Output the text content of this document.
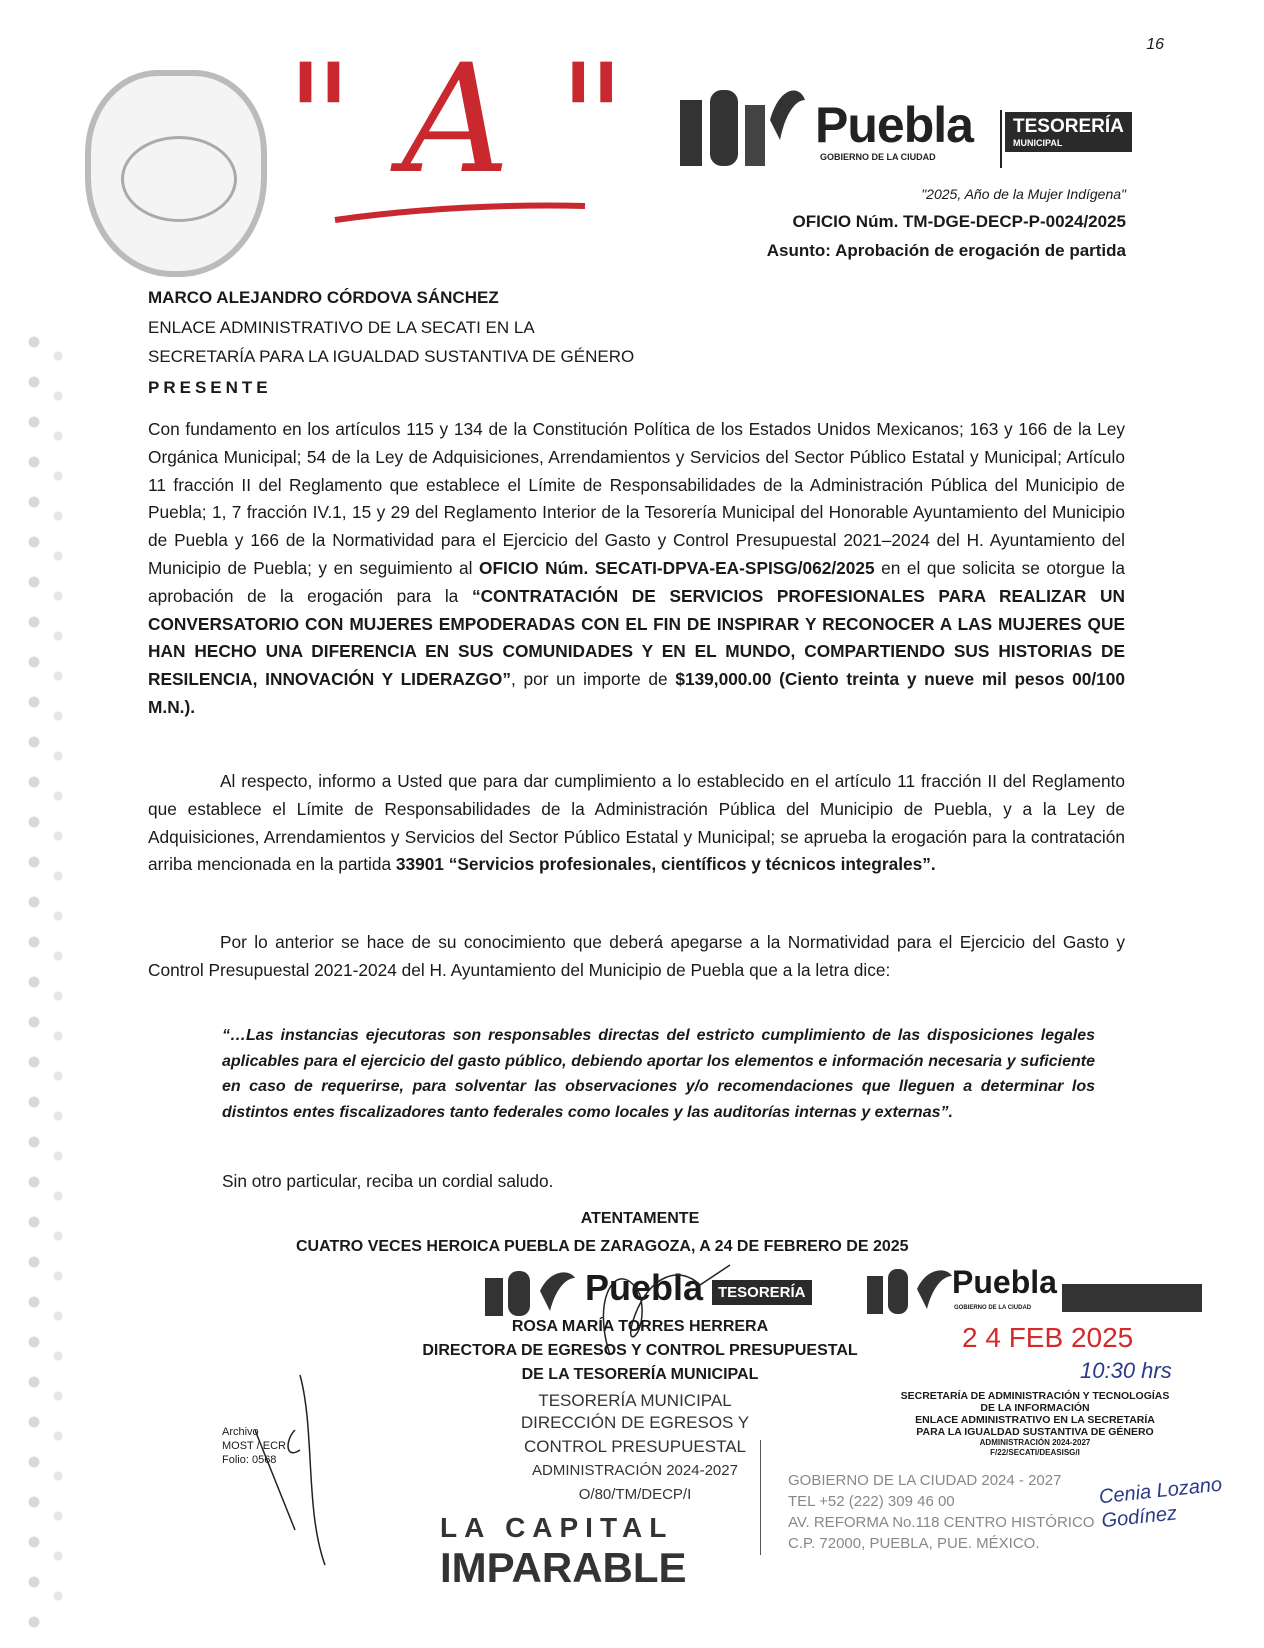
16
" A "	Puebla
GOBIERNO DE LA CIUDAD
TESORERÍA
MUNICIPAL
"2025, Año de la Mujer Indígena"
OFICIO Núm. TM-DGE-DECP-P-0024/2025
Asunto: Aprobación de erogación de partida
MARCO ALEJANDRO CÓRDOVA SÁNCHEZ
ENLACE ADMINISTRATIVO DE LA SECATI EN LA
SECRETARÍA PARA LA IGUALDAD SUSTANTIVA DE GÉNERO
PRESENTE
Con fundamento en los artículos 115 y 134 de la Constitución Política de los Estados Unidos Mexicanos; 163 y 166 de la Ley Orgánica Municipal; 54 de la Ley de Adquisiciones, Arrendamientos y Servicios del Sector Público Estatal y Municipal; Artículo 11 fracción II del Reglamento que establece el Límite de Responsabilidades de la Administración Pública del Municipio de Puebla; 1, 7 fracción IV.1, 15 y 29 del Reglamento Interior de la Tesorería Municipal del Honorable Ayuntamiento del Municipio de Puebla y 166 de la Normatividad para el Ejercicio del Gasto y Control Presupuestal 2021–2024 del H. Ayuntamiento del Municipio de Puebla; y en seguimiento al OFICIO Núm. SECATI-DPVA-EA-SPISG/062/2025 en el que solicita se otorgue la aprobación de la erogación para la “CONTRATACIÓN DE SERVICIOS PROFESIONALES PARA REALIZAR UN CONVERSATORIO CON MUJERES EMPODERADAS CON EL FIN DE INSPIRAR Y RECONOCER A LAS MUJERES QUE HAN HECHO UNA DIFERENCIA EN SUS COMUNIDADES Y EN EL MUNDO, COMPARTIENDO SUS HISTORIAS DE RESILENCIA, INNOVACIÓN Y LIDERAZGO”, por un importe de $139,000.00 (Ciento treinta y nueve mil pesos 00/100 M.N.).
Al respecto, informo a Usted que para dar cumplimiento a lo establecido en el artículo 11 fracción II del Reglamento que establece el Límite de Responsabilidades de la Administración Pública del Municipio de Puebla, y a la Ley de Adquisiciones, Arrendamientos y Servicios del Sector Público Estatal y Municipal; se aprueba la erogación para la contratación arriba mencionada en la partida 33901 “Servicios profesionales, científicos y técnicos integrales”.
Por lo anterior se hace de su conocimiento que deberá apegarse a la Normatividad para el Ejercicio del Gasto y Control Presupuestal 2021-2024 del H. Ayuntamiento del Municipio de Puebla que a la letra dice:
“…Las instancias ejecutoras son responsables directas del estricto cumplimiento de las disposiciones legales aplicables para el ejercicio del gasto público, debiendo aportar los elementos e información necesaria y suficiente en caso de requerirse, para solventar las observaciones y/o recomendaciones que lleguen a determinar los distintos entes fiscalizadores tanto federales como locales y las auditorías internas y externas”.
Sin otro particular, reciba un cordial saludo.
ATENTAMENTE
CUATRO VECES HEROICA PUEBLA DE ZARAGOZA, A 24 DE FEBRERO DE 2025
Puebla TESORERÍA
ROSA MARÍA TORRES HERRERA
DIRECTORA DE EGRESOS Y CONTROL PRESUPUESTAL
DE LA TESORERÍA MUNICIPAL
TESORERÍA MUNICIPAL
DIRECCIÓN DE EGRESOS Y
CONTROL PRESUPUESTAL
ADMINISTRACIÓN 2024-2027
O/80/TM/DECP/I
Archivo
MOST / ECR
Folio: 0568
LA CAPITAL
IMPARABLE
Puebla
GOBIERNO DE LA CIUDAD
2 4 FEB 2025
10:30 hrs
SECRETARÍA DE ADMINISTRACIÓN Y TECNOLOGÍAS
DE LA INFORMACIÓN
ENLACE ADMINISTRATIVO EN LA SECRETARÍA
PARA LA IGUALDAD SUSTANTIVA DE GÉNERO
ADMINISTRACIÓN 2024-2027
F/22/SECATI/DEASISG/I
GOBIERNO DE LA CIUDAD 2024 - 2027
TEL +52 (222) 309 46 00
AV. REFORMA No.118 CENTRO HISTÓRICO
C.P. 72000, PUEBLA, PUE. MÉXICO.
Cenia Lozano Godínez
